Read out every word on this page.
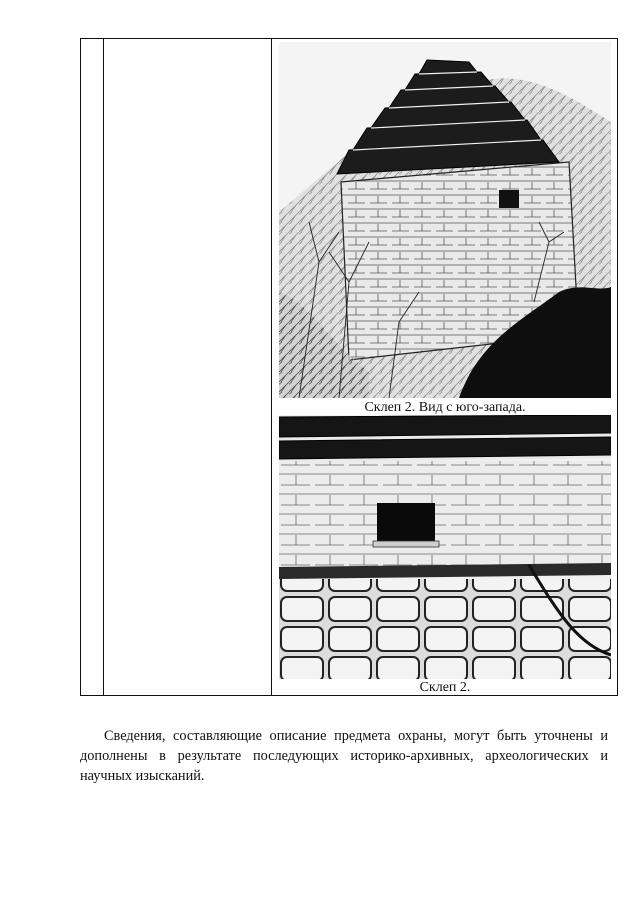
Склеп 2. Вид с юго-запада.
Склеп 2.

Сведения, составляющие описание предмета охраны, могут быть уточнены и дополнены в результате последующих историко-архивных, археологических и научных изысканий.
